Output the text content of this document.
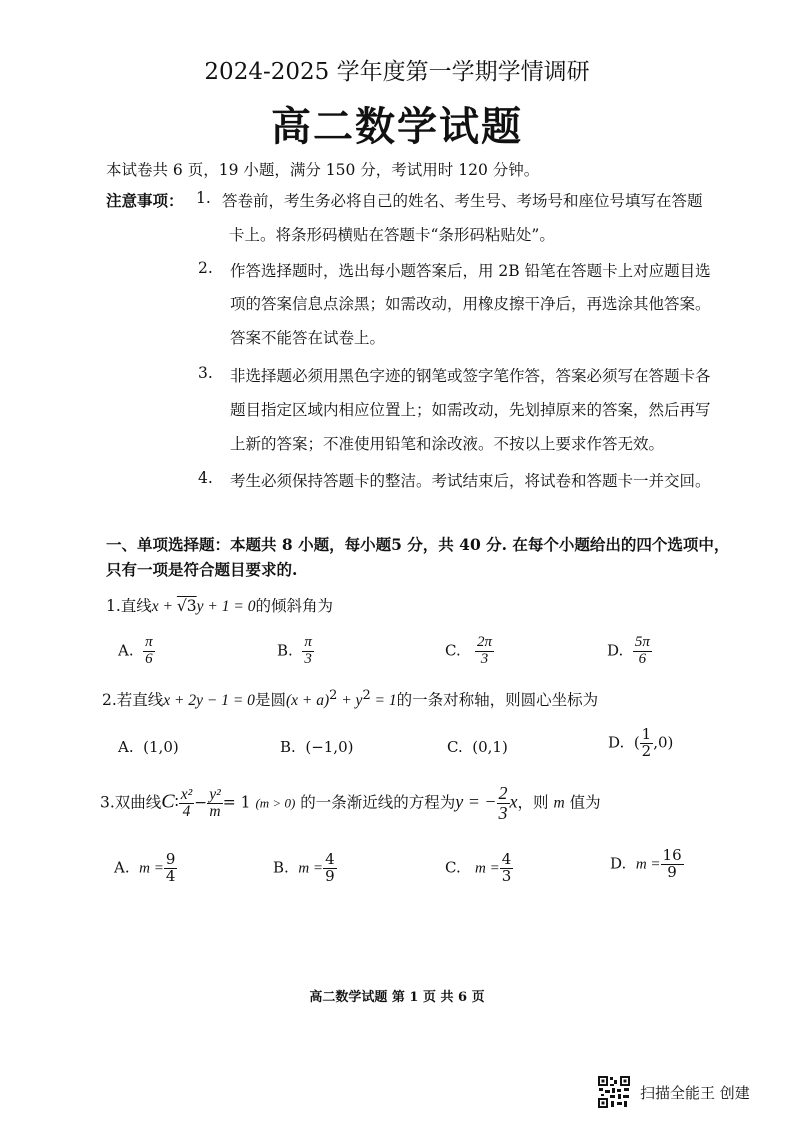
2024-2025 学年度第一学期学情调研
高二数学试题
本试卷共 6 页，19 小题，满分 150 分，考试用时 120 分钟。
注意事项： 1. 答卷前，考生务必将自己的姓名、考生号、考场号和座位号填写在答题
卡上。将条形码横贴在答题卡“条形码粘贴处”。
2. 作答选择题时，选出每小题答案后，用 2B 铅笔在答题卡上对应题目选
项的答案信息点涂黑；如需改动，用橡皮擦干净后，再选涂其他答案。
答案不能答在试卷上。
3. 非选择题必须用黑色字迹的钢笔或签字笔作答，答案必须写在答题卡各
题目指定区域内相应位置上；如需改动，先划掉原来的答案，然后再写
上新的答案；不准使用铅笔和涂改液。不按以上要求作答无效。
4. 考生必须保持答题卡的整洁。考试结束后，将试卷和答题卡一并交回。
一、单项选择题：本题共 8 小题，每小题5 分，共 40 分. 在每个小题给出的四个选项中，
只有一项是符合题目要求的.
1.直线x + √3y + 1 = 0的倾斜角为
A. $\frac{\pi}{6}$	B. $\frac{\pi}{3}$	C. $\frac{2\pi}{3}$	D. $\frac{5\pi}{6}$
2.若直线x + 2y − 1 = 0是圆$(x + a)^2 + y^2 = 1$的一条对称轴，则圆心坐标为
A. (1,0)	B. (−1,0)	C. (0,1)	D. ( $\frac{1}{2} ,0$)
3.双曲线C∶ $\frac{\text{x²}}{4} - \frac{\text{y²}}{m} = 1$ (m > 0) 的一条渐近线的方程为y = − $\frac{2}{3}$ x，则 m 值为
A. $m = \frac{9}{4}$	B. $m = \frac{4}{9}$	C. $m = \frac{4}{3}$	D. $m = \frac{16}{9}$
高二数学试题 第 1 页 共 6 页
扫描全能王 创建
